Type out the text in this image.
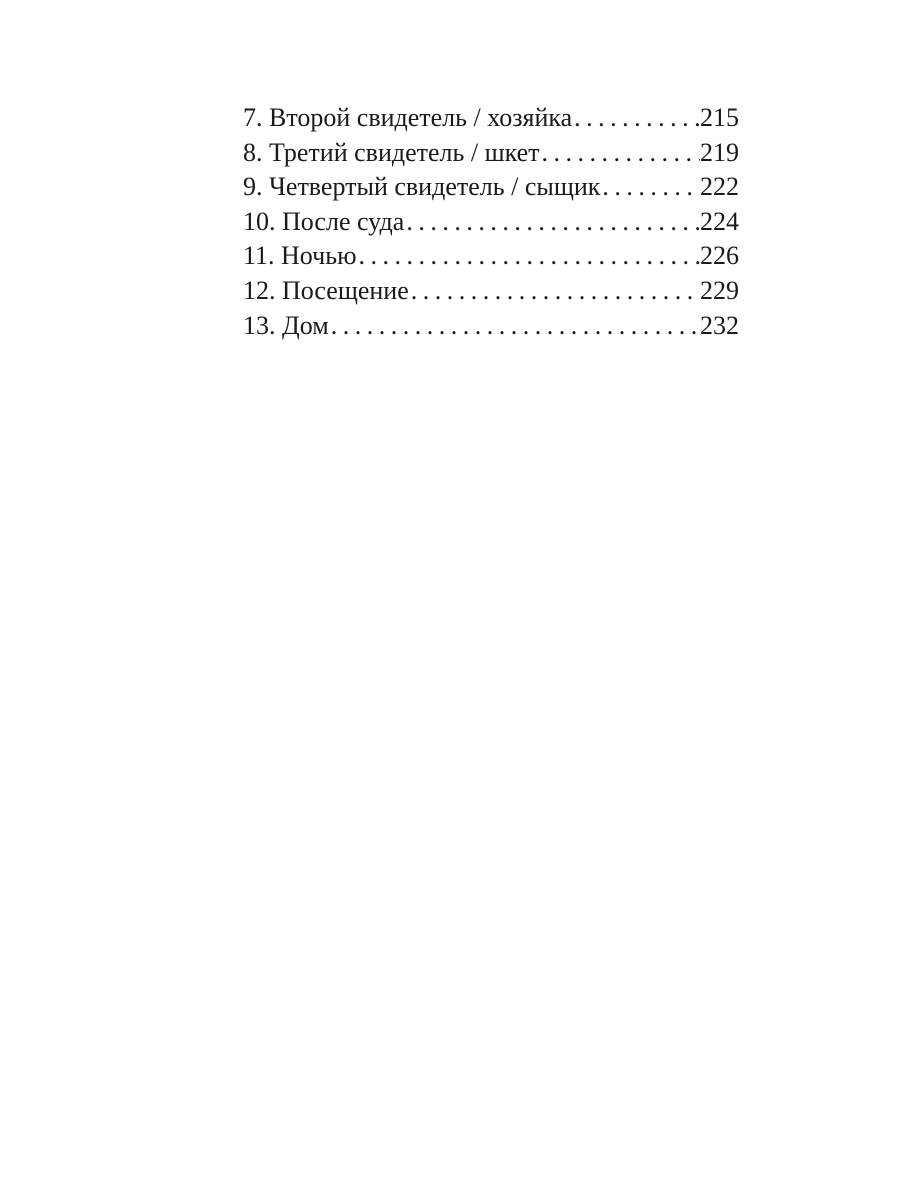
7. Второй свидетель / хозяйка . . .	215
8. Третий свидетель / шкет . . .	219
9. Четвертый свидетель / сыщик . . .	222
10. После суда . . .	224
11. Ночью . . .	226
12. Посещение . . .	229
13. Дом . . .	232
